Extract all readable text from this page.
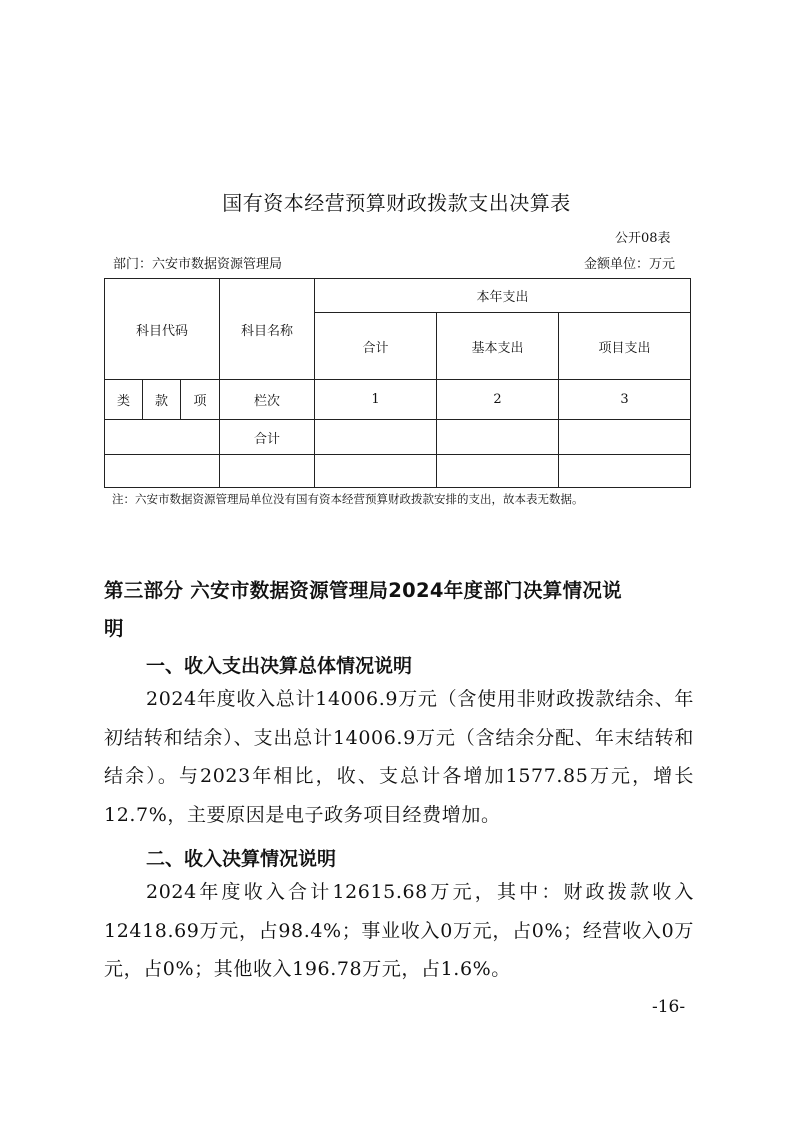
国有资本经营预算财政拨款支出决算表
公开08表
部门：六安市数据资源管理局	金额单位：万元
科目代码			科目名称	本年支出		
				合计	基本支出	项目支出
类	款	项	栏次	1	2	3
			合计			

注：六安市数据资源管理局单位没有国有资本经营预算财政拨款安排的支出，故本表无数据。
第三部分 六安市数据资源管理局2024年度部门决算情况说
明
一、收入支出决算总体情况说明
2024年度收入总计14006.9万元（含使用非财政拨款结余、年初结转和结余）、支出总计14006.9万元（含结余分配、年末结转和结余）。与2023年相比，收、支总计各增加1577.85万元，增长12.7%，主要原因是电子政务项目经费增加。
二、收入决算情况说明
2024年度收入合计12615.68万元，其中：财政拨款收入12418.69万元，占98.4%；事业收入0万元，占0%；经营收入0万元，占0%；其他收入196.78万元，占1.6%。
-16-
